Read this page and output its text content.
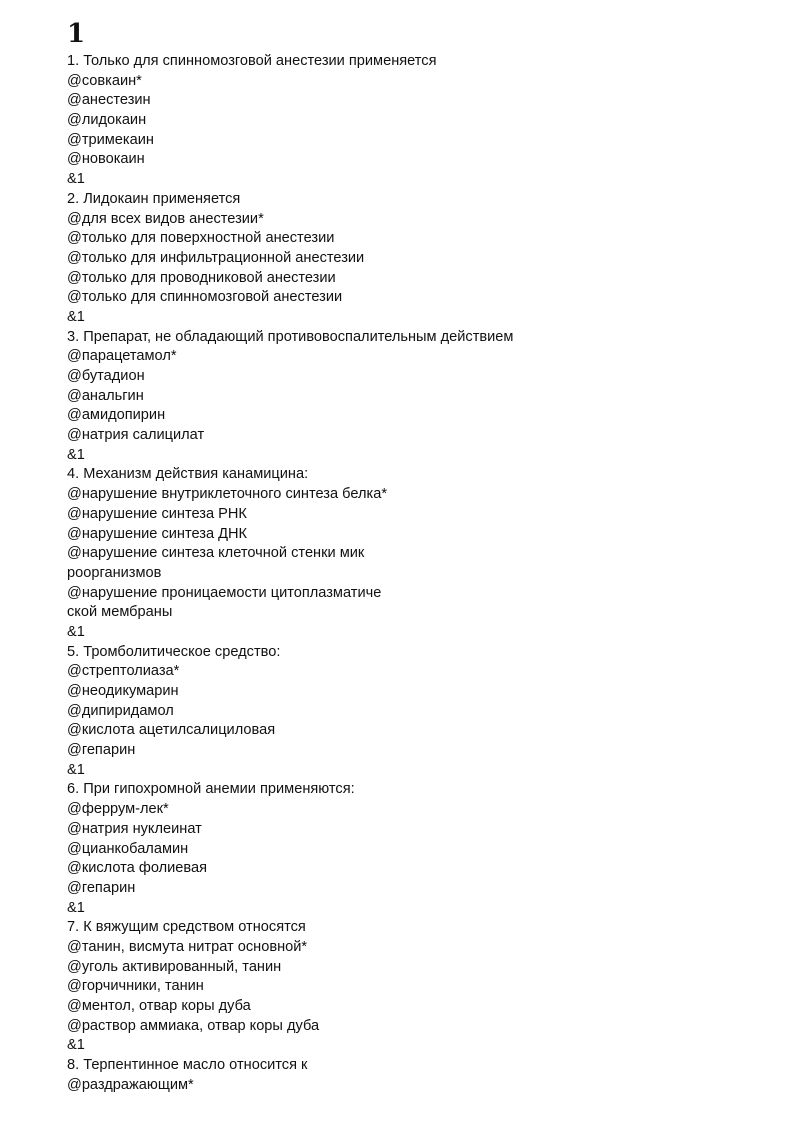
1
1. Только для спинномозговой анестезии применяется
@совкаин*
@анестезин
@лидокаин
@тримекаин
@новокаин
&1
2. Лидокаин применяется
@для всех видов анестезии*
@только для поверхностной анестезии
@только для инфильтрационной анестезии
@только для проводниковой анестезии
@только для спинномозговой анестезии
&1
3. Препарат, не обладающий противовоспалительным действием
@парацетамол*
@бутадион
@анальгин
@амидопирин
@натрия салицилат
&1
4. Механизм действия канамицина:
@нарушение внутриклеточного синтеза белка*
@нарушение синтеза РНК
@нарушение синтеза ДНК
@нарушение синтеза клеточной стенки мик
роорганизмов
@нарушение проницаемости цитоплазматиче
ской мембраны
&1
5. Тромболитическое средство:
@стрептолиаза*
@неодикумарин
@дипиридамол
@кислота ацетилсалициловая
@гепарин
&1
6. При гипохромной анемии применяются:
@феррум-лек*
@натрия нуклеинат
@цианкобаламин
@кислота фолиевая
@гепарин
&1
7. К вяжущим средством относятся
@танин, висмута нитрат основной*
@уголь активированный, танин
@горчичники, танин
@ментол, отвар коры дуба
@раствор аммиака, отвар коры дуба
&1
8. Терпентинное масло относится к
@раздражающим*
